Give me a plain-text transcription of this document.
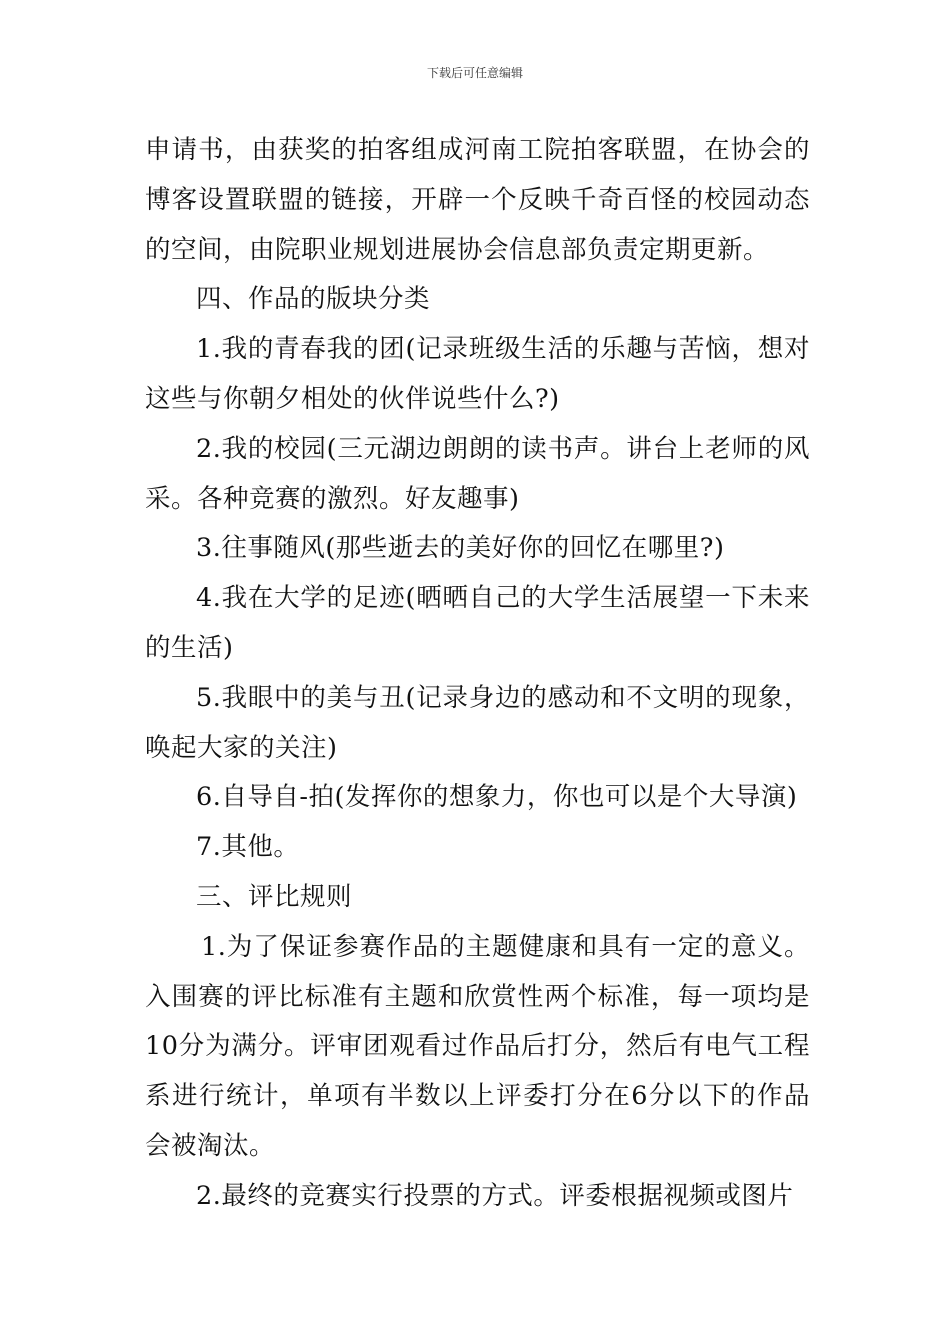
下载后可任意编辑

申请书，由获奖的拍客组成河南工院拍客联盟，在协会的博客设置联盟的链接，开辟一个反映千奇百怪的校园动态的空间，由院职业规划进展协会信息部负责定期更新。

四、作品的版块分类

1.我的青春我的团(记录班级生活的乐趣与苦恼，想对这些与你朝夕相处的伙伴说些什么?)

2.我的校园(三元湖边朗朗的读书声。讲台上老师的风采。各种竞赛的激烈。好友趣事)

3.往事随风(那些逝去的美好你的回忆在哪里?)

4.我在大学的足迹(晒晒自己的大学生活展望一下未来的生活)

5.我眼中的美与丑(记录身边的感动和不文明的现象，唤起大家的关注)

6.自导自-拍(发挥你的想象力，你也可以是个大导演)

7.其他。

三、评比规则

1.为了保证参赛作品的主题健康和具有一定的意义。入围赛的评比标准有主题和欣赏性两个标准，每一项均是10分为满分。评审团观看过作品后打分，然后有电气工程系进行统计，单项有半数以上评委打分在6分以下的作品会被淘汰。

2.最终的竞赛实行投票的方式。评委根据视频或图片
